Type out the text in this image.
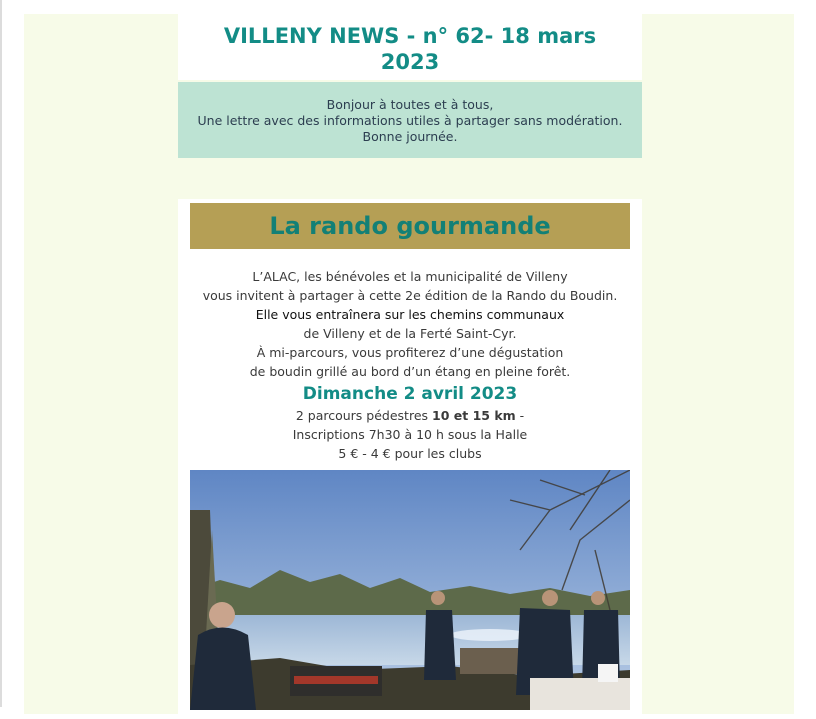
VILLENY NEWS - n° 62- 18 mars
2023

Bonjour à toutes et à tous,
Une lettre avec des informations utiles à partager sans modération.
Bonne journée.

La rando gourmande
L’ALAC, les bénévoles et la municipalité de Villeny
vous invitent à partager à cette 2e édition de la Rando du Boudin.
Elle vous entraînera sur les chemins communaux
de Villeny et de la Ferté Saint-Cyr.
À mi-parcours, vous profiterez d’une dégustation
de boudin grillé au bord d’un étang en pleine forêt.
Dimanche 2 avril 2023
2 parcours pédestres 10 et 15 km -
Inscriptions 7h30 à 10 h sous la Halle
5 € - 4 € pour les clubs
